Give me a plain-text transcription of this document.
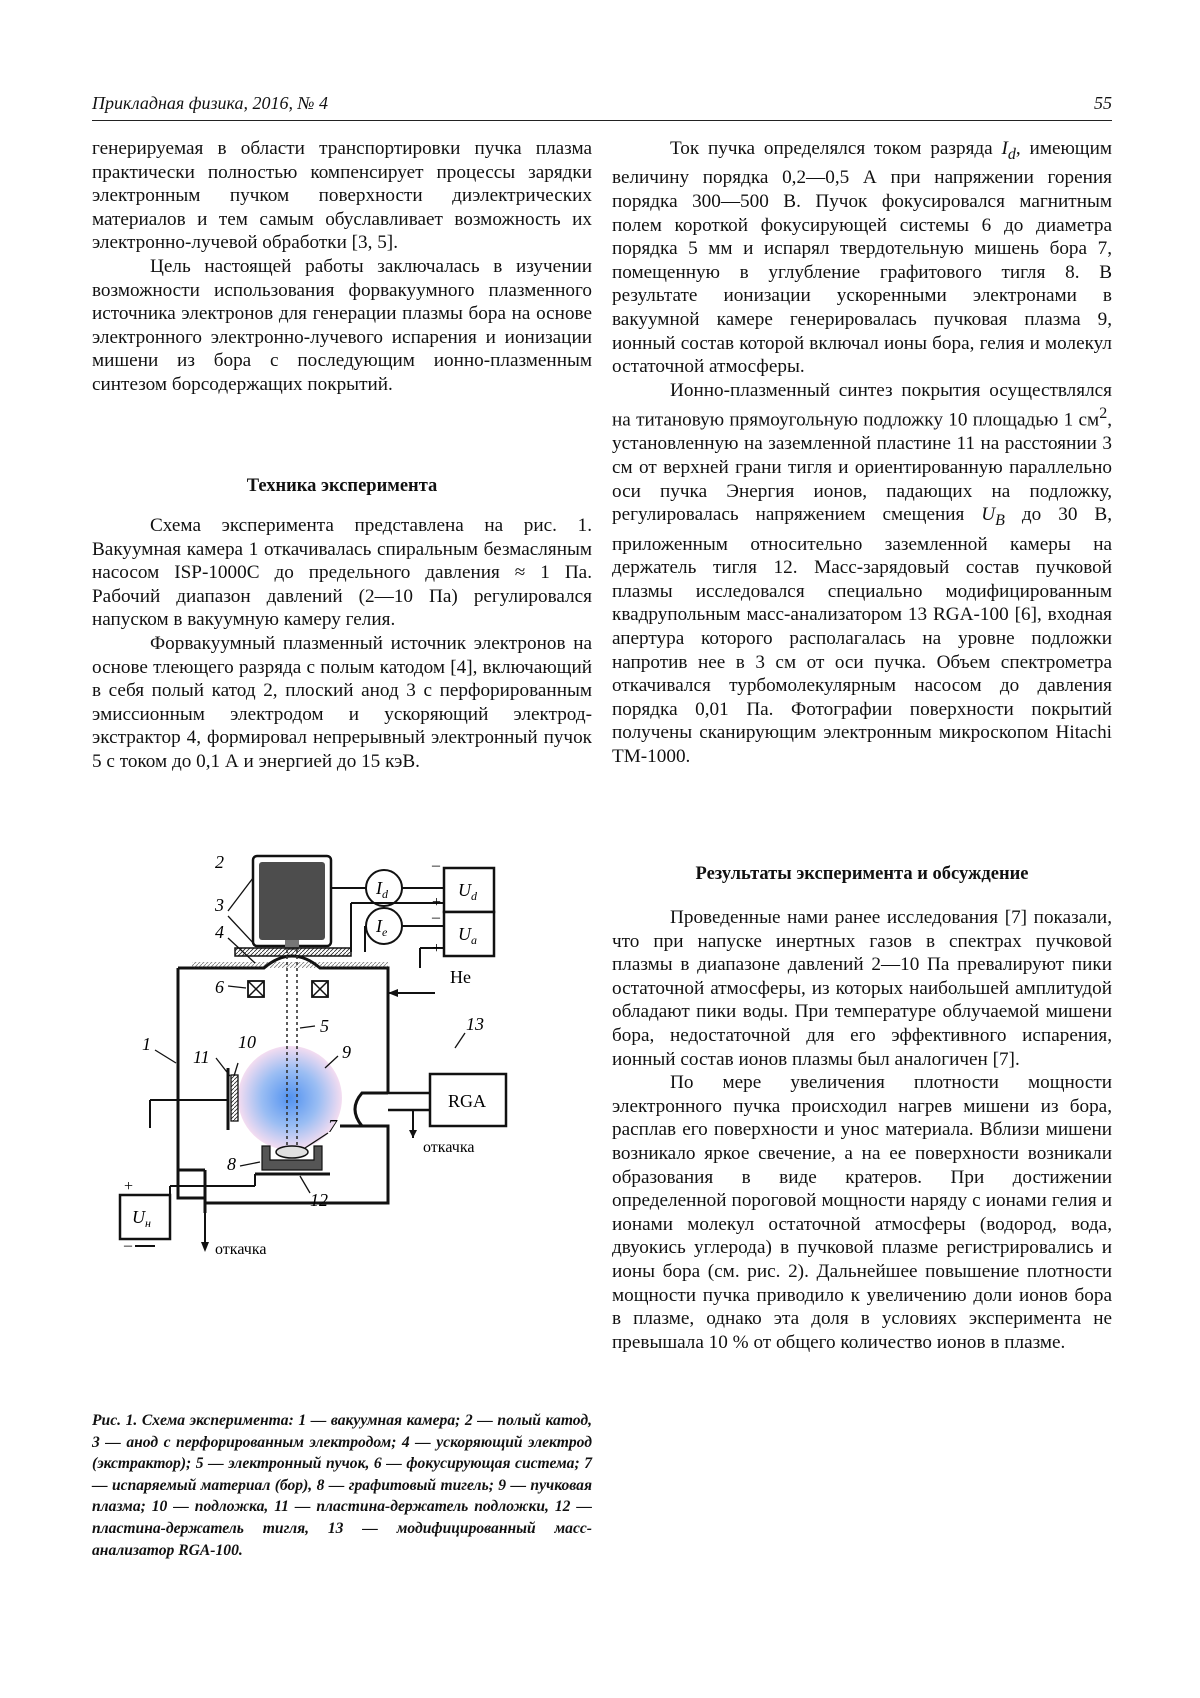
Прикладная физика, 2016, № 4	55

генерируемая в области транспортировки пучка плазма практически полностью компенсирует процессы зарядки электронным пучком поверхности диэлектрических материалов и тем самым обуславливает возможность их электронно-лучевой обработки [3, 5].

Цель настоящей работы заключалась в изучении возможности использования форвакуумного плазменного источника электронов для генерации плазмы бора на основе электронного электронно-лучевого испарения и ионизации мишени из бора с последующим ионно-плазменным синтезом борсодержащих покрытий.

Техника эксперимента

Схема эксперимента представлена на рис. 1. Вакуумная камера 1 откачивалась спиральным безмасляным насосом ISP-1000C до предельного давления ≈ 1 Па. Рабочий диапазон давлений (2—10 Па) регулировался напуском в вакуумную камеру гелия.

Форвакуумный плазменный источник электронов на основе тлеющего разряда с полым катодом [4], включающий в себя полый катод 2, плоский анод 3 с перфорированным эмиссионным электродом и ускоряющий электрод-экстрактор 4, формировал непрерывный электронный пучок 5 с током до 0,1 А и энергией до 15 кэВ.

2
3
4
6
5
1	10
11	9
7
8
12
13
He
RGA
откачка
откачка
$I_d$
$I_e$
$U_d$
$U_a$
$U_н$
–
+
–
+
+
–

Рис. 1. Схема эксперимента: 1 — вакуумная камера; 2 — полый катод, 3 — анод с перфорированным электродом; 4 — ускоряющий электрод (экстрактор); 5 — электронный пучок, 6 — фокусирующая система; 7 — испаряемый материал (бор), 8 — графитовый тигель; 9 — пучковая плазма; 10 — подложка, 11 — пластина-держатель подложки, 12 — пластина-держатель тигля, 13 — модифицированный масс-анализатор RGA-100.

Ток пучка определялся током разряда $I_d$, имеющим величину порядка 0,2—0,5 А при напряжении горения порядка 300—500 В. Пучок фокусировался магнитным полем короткой фокусирующей системы 6 до диаметра порядка 5 мм и испарял твердотельную мишень бора 7, помещенную в углубление графитового тигля 8. В результате ионизации ускоренными электронами в вакуумной камере генерировалась пучковая плазма 9, ионный состав которой включал ионы бора, гелия и молекул остаточной атмосферы.

Ионно-плазменный синтез покрытия осуществлялся на титановую прямоугольную подложку 10 площадью 1 $см^2$, установленную на заземленной пластине 11 на расстоянии 3 см от верхней грани тигля и ориентированную параллельно оси пучка Энергия ионов, падающих на подложку, регулировалась напряжением смещения $U_B$ до 30 В, приложенным относительно заземленной камеры на держатель тигля 12. Масс-зарядовый состав пучковой плазмы исследовался специально модифицированным квадрупольным масс-анализатором 13 RGA-100 [6], входная апертура которого располагалась на уровне подложки напротив нее в 3 см от оси пучка. Объем спектрометра откачивался турбомолекулярным насосом до давления порядка 0,01 Па. Фотографии поверхности покрытий получены сканирующим электронным микроскопом Hitachi TM-1000.

Результаты эксперимента и обсуждение

Проведенные нами ранее исследования [7] показали, что при напуске инертных газов в спектрах пучковой плазмы в диапазоне давлений 2—10 Па превалируют пики остаточной атмосферы, из которых наибольшей амплитудой обладают пики воды. При температуре облучаемой мишени бора, недостаточной для его эффективного испарения, ионный состав ионов плазмы был аналогичен [7].

По мере увеличения плотности мощности электронного пучка происходил нагрев мишени из бора, расплав его поверхности и унос материала. Вблизи мишени возникало яркое свечение, а на ее поверхности возникали образования в виде кратеров. При достижении определенной пороговой мощности наряду с ионами гелия и ионами молекул остаточной атмосферы (водород, вода, двуокись углерода) в пучковой плазме регистрировались и ионы бора (см. рис. 2). Дальнейшее повышение плотности мощности пучка приводило к увеличению доли ионов бора в плазме, однако эта доля в условиях эксперимента не превышала 10 % от общего количество ионов в плазме.
